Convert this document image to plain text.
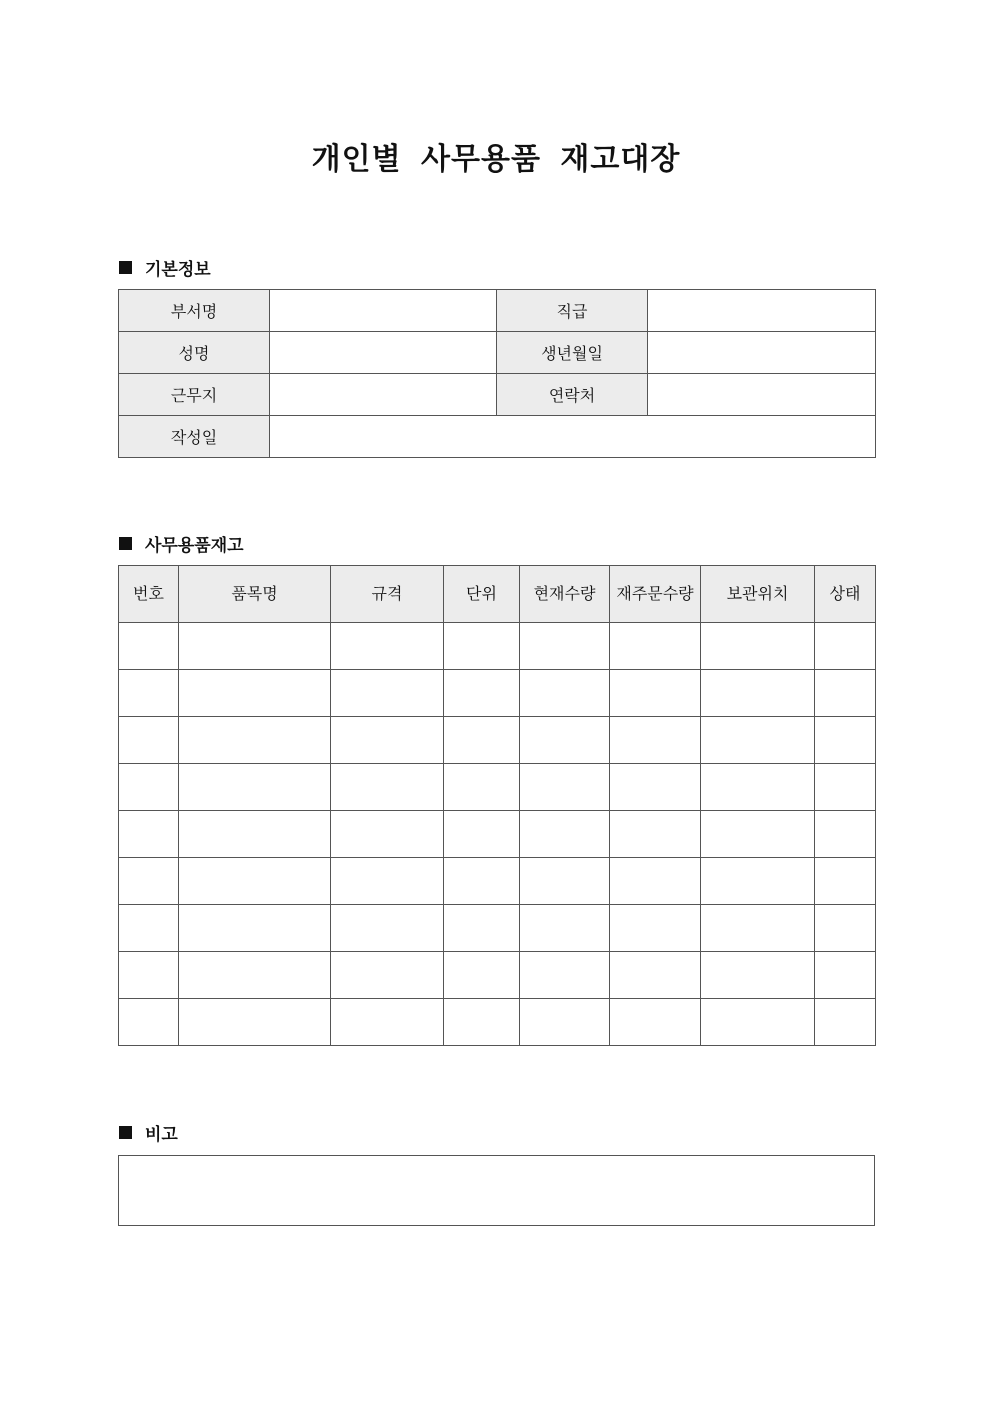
개인별 사무용품 재고대장
기본정보
부서명		직급	
성명		생년월일	
근무지		연락처	
작성일			
사무용품재고
번호	품목명	규격	단위	현재수량	재주문수량	보관위치	상태

비고
